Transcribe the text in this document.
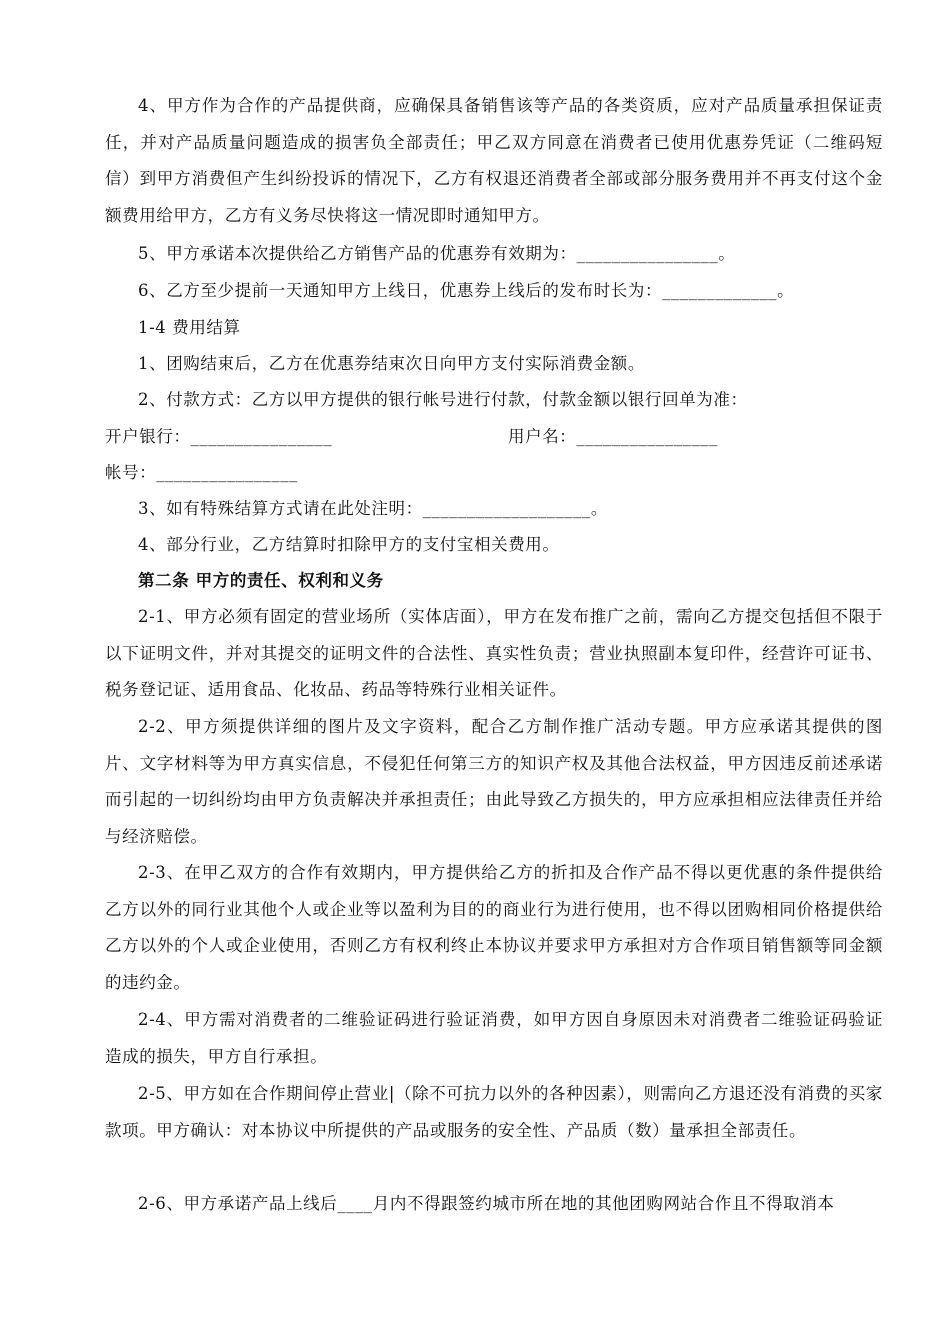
4、甲方作为合作的产品提供商，应确保具备销售该等产品的各类资质，应对产品质量承担保证责任，并对产品质量问题造成的损害负全部责任；甲乙双方同意在消费者已使用优惠券凭证（二维码短信）到甲方消费但产生纠纷投诉的情况下，乙方有权退还消费者全部或部分服务费用并不再支付这个金额费用给甲方，乙方有义务尽快将这一情况即时通知甲方。

5、甲方承诺本次提供给乙方销售产品的优惠券有效期为：________________。

6、乙方至少提前一天通知甲方上线日，优惠券上线后的发布时长为：_____________。

1-4 费用结算

1、团购结束后，乙方在优惠券结束次日向甲方支付实际消费金额。

2、付款方式：乙方以甲方提供的银行帐号进行付款，付款金额以银行回单为准：

开户银行：________________	用户名：________________

帐号：________________

3、如有特殊结算方式请在此处注明：___________________。

4、部分行业，乙方结算时扣除甲方的支付宝相关费用。

第二条 甲方的责任、权利和义务

2-1、甲方必须有固定的营业场所（实体店面），甲方在发布推广之前，需向乙方提交包括但不限于以下证明文件，并对其提交的证明文件的合法性、真实性负责；营业执照副本复印件，经营许可证书、税务登记证、适用食品、化妆品、药品等特殊行业相关证件。

2-2、甲方须提供详细的图片及文字资料，配合乙方制作推广活动专题。甲方应承诺其提供的图片、文字材料等为甲方真实信息，不侵犯任何第三方的知识产权及其他合法权益，甲方因违反前述承诺而引起的一切纠纷均由甲方负责解决并承担责任；由此导致乙方损失的，甲方应承担相应法律责任并给与经济赔偿。

2-3、在甲乙双方的合作有效期内，甲方提供给乙方的折扣及合作产品不得以更优惠的条件提供给乙方以外的同行业其他个人或企业等以盈利为目的的商业行为进行使用，也不得以团购相同价格提供给乙方以外的个人或企业使用，否则乙方有权利终止本协议并要求甲方承担对方合作项目销售额等同金额的违约金。

2-4、甲方需对消费者的二维验证码进行验证消费，如甲方因自身原因未对消费者二维验证码验证造成的损失，甲方自行承担。

2-5、甲方如在合作期间停止营业|（除不可抗力以外的各种因素），则需向乙方退还没有消费的买家款项。甲方确认：对本协议中所提供的产品或服务的安全性、产品质（数）量承担全部责任。

2-6、甲方承诺产品上线后____月内不得跟签约城市所在地的其他团购网站合作且不得取消本
